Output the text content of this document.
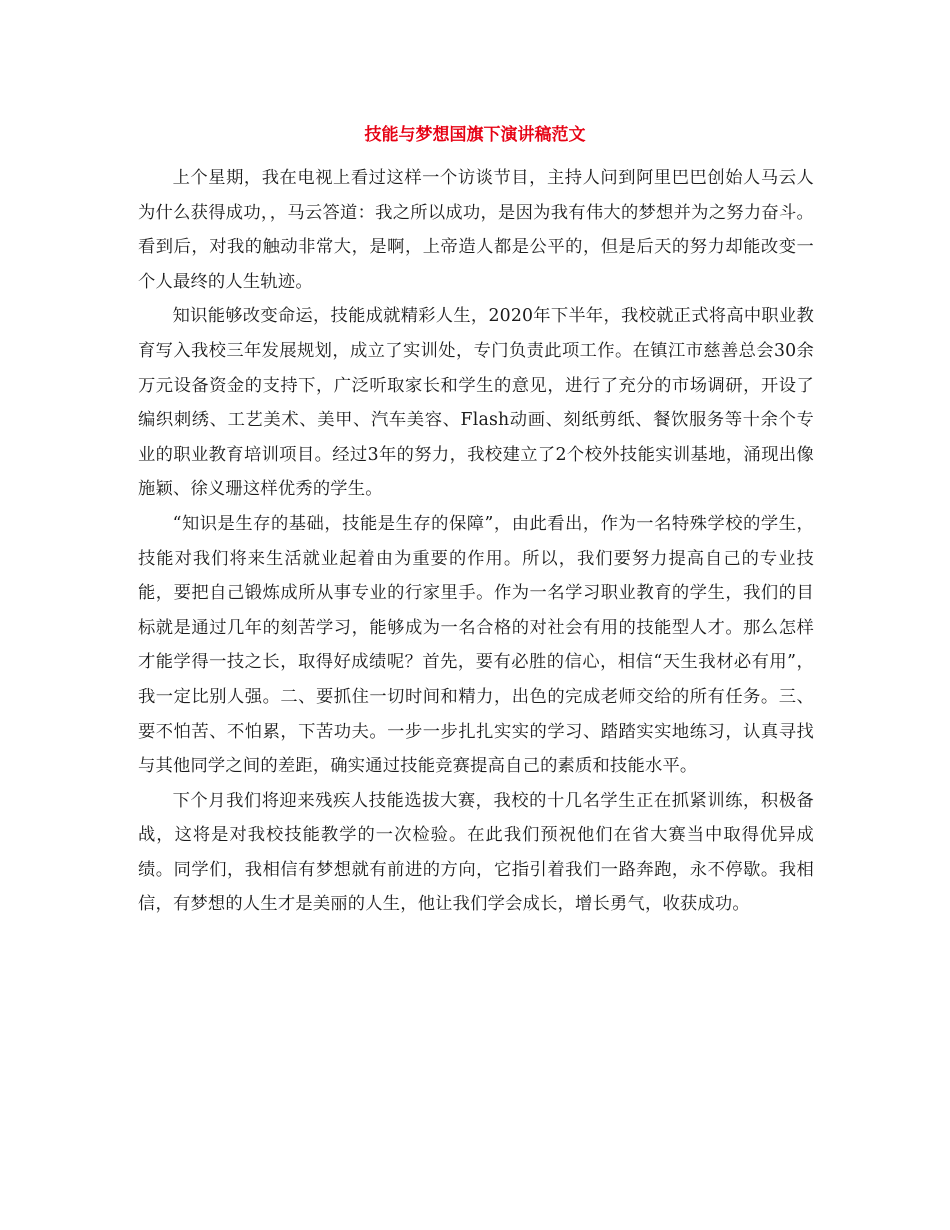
技能与梦想国旗下演讲稿范文

上个星期，我在电视上看过这样一个访谈节目，主持人问到阿里巴巴创始人马云人为什么获得成功，，马云答道：我之所以成功，是因为我有伟大的梦想并为之努力奋斗。看到后，对我的触动非常大，是啊，上帝造人都是公平的，但是后天的努力却能改变一个人最终的人生轨迹。

知识能够改变命运，技能成就精彩人生，2020年下半年，我校就正式将高中职业教育写入我校三年发展规划，成立了实训处，专门负责此项工作。在镇江市慈善总会30余万元设备资金的支持下，广泛听取家长和学生的意见，进行了充分的市场调研，开设了编织刺绣、工艺美术、美甲、汽车美容、Flash动画、刻纸剪纸、餐饮服务等十余个专业的职业教育培训项目。经过3年的努力，我校建立了2个校外技能实训基地，涌现出像施颖、徐义珊这样优秀的学生。

“知识是生存的基础，技能是生存的保障”，由此看出，作为一名特殊学校的学生，技能对我们将来生活就业起着由为重要的作用。所以，我们要努力提高自己的专业技能，要把自己锻炼成所从事专业的行家里手。作为一名学习职业教育的学生，我们的目标就是通过几年的刻苦学习，能够成为一名合格的对社会有用的技能型人才。那么怎样才能学得一技之长，取得好成绩呢？首先，要有必胜的信心，相信“天生我材必有用”，我一定比别人强。二、要抓住一切时间和精力，出色的完成老师交给的所有任务。三、要不怕苦、不怕累，下苦功夫。一步一步扎扎实实的学习、踏踏实实地练习，认真寻找与其他同学之间的差距，确实通过技能竞赛提高自己的素质和技能水平。

下个月我们将迎来残疾人技能选拔大赛，我校的十几名学生正在抓紧训练，积极备战，这将是对我校技能教学的一次检验。在此我们预祝他们在省大赛当中取得优异成绩。同学们，我相信有梦想就有前进的方向，它指引着我们一路奔跑，永不停歇。我相信，有梦想的人生才是美丽的人生，他让我们学会成长，增长勇气，收获成功。
